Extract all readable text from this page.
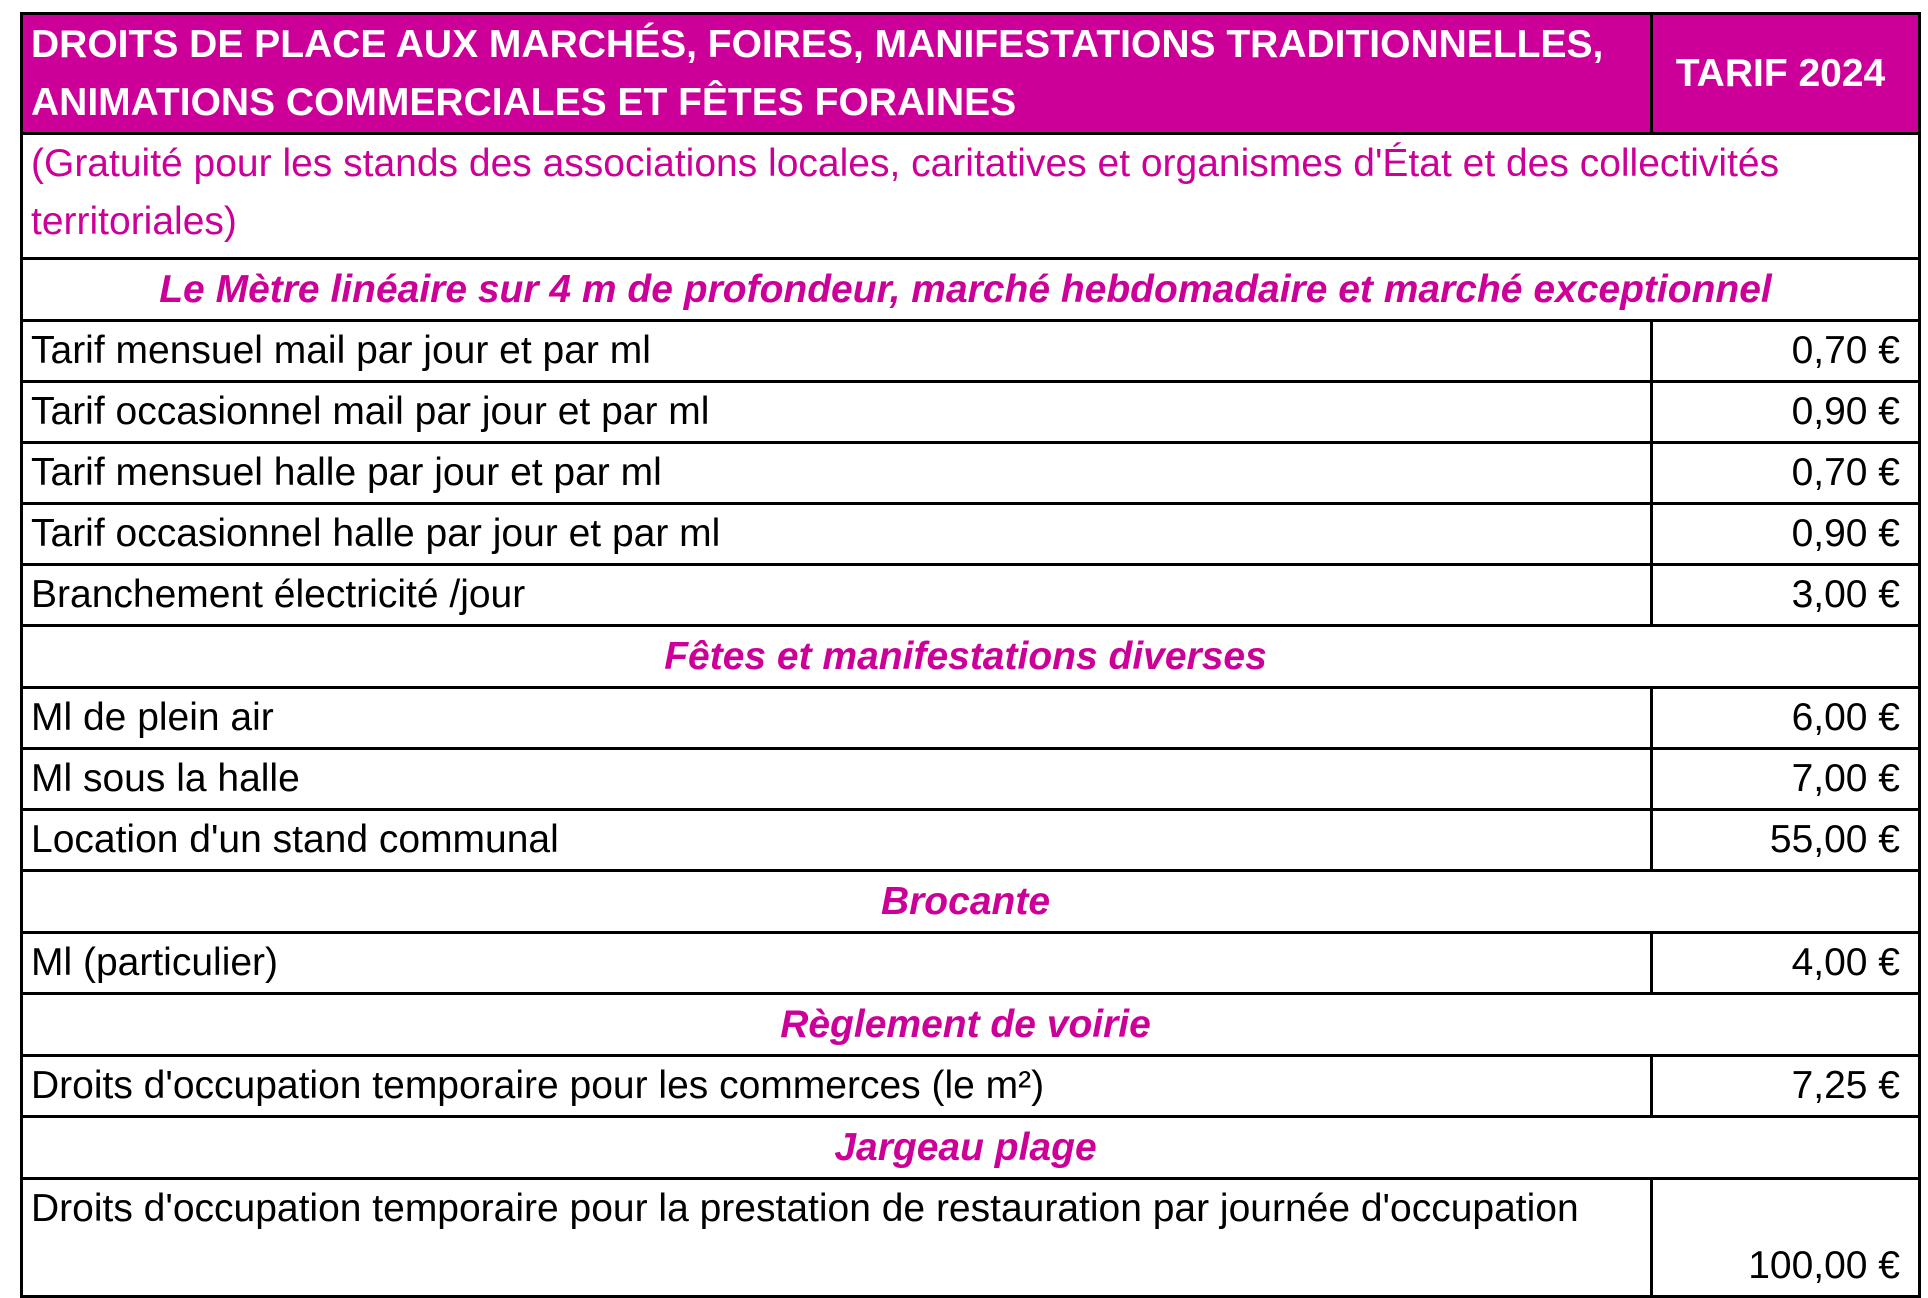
DROITS DE PLACE AUX MARCHÉS, FOIRES, MANIFESTATIONS TRADITIONNELLES, ANIMATIONS COMMERCIALES ET FÊTES FORAINES	TARIF 2024
(Gratuité pour les stands des associations locales, caritatives et organismes d'État et des collectivités territoriales)	
Le Mètre linéaire sur 4 m de profondeur, marché hebdomadaire et marché exceptionnel	
Tarif mensuel mail par jour et par ml	0,70 €
Tarif occasionnel mail par jour et par ml	0,90 €
Tarif mensuel halle par jour et par ml	0,70 €
Tarif occasionnel halle par jour et par ml	0,90 €
Branchement électricité /jour	3,00 €
Fêtes et manifestations diverses	
Ml de plein air	6,00 €
Ml sous la halle	7,00 €
Location d'un stand communal	55,00 €
Brocante	
Ml (particulier)	4,00 €
Règlement de voirie	
Droits d'occupation temporaire pour les commerces (le m²)	7,25 €
Jargeau plage	
Droits d'occupation temporaire pour la prestation de restauration par journée d'occupation	100,00 €
